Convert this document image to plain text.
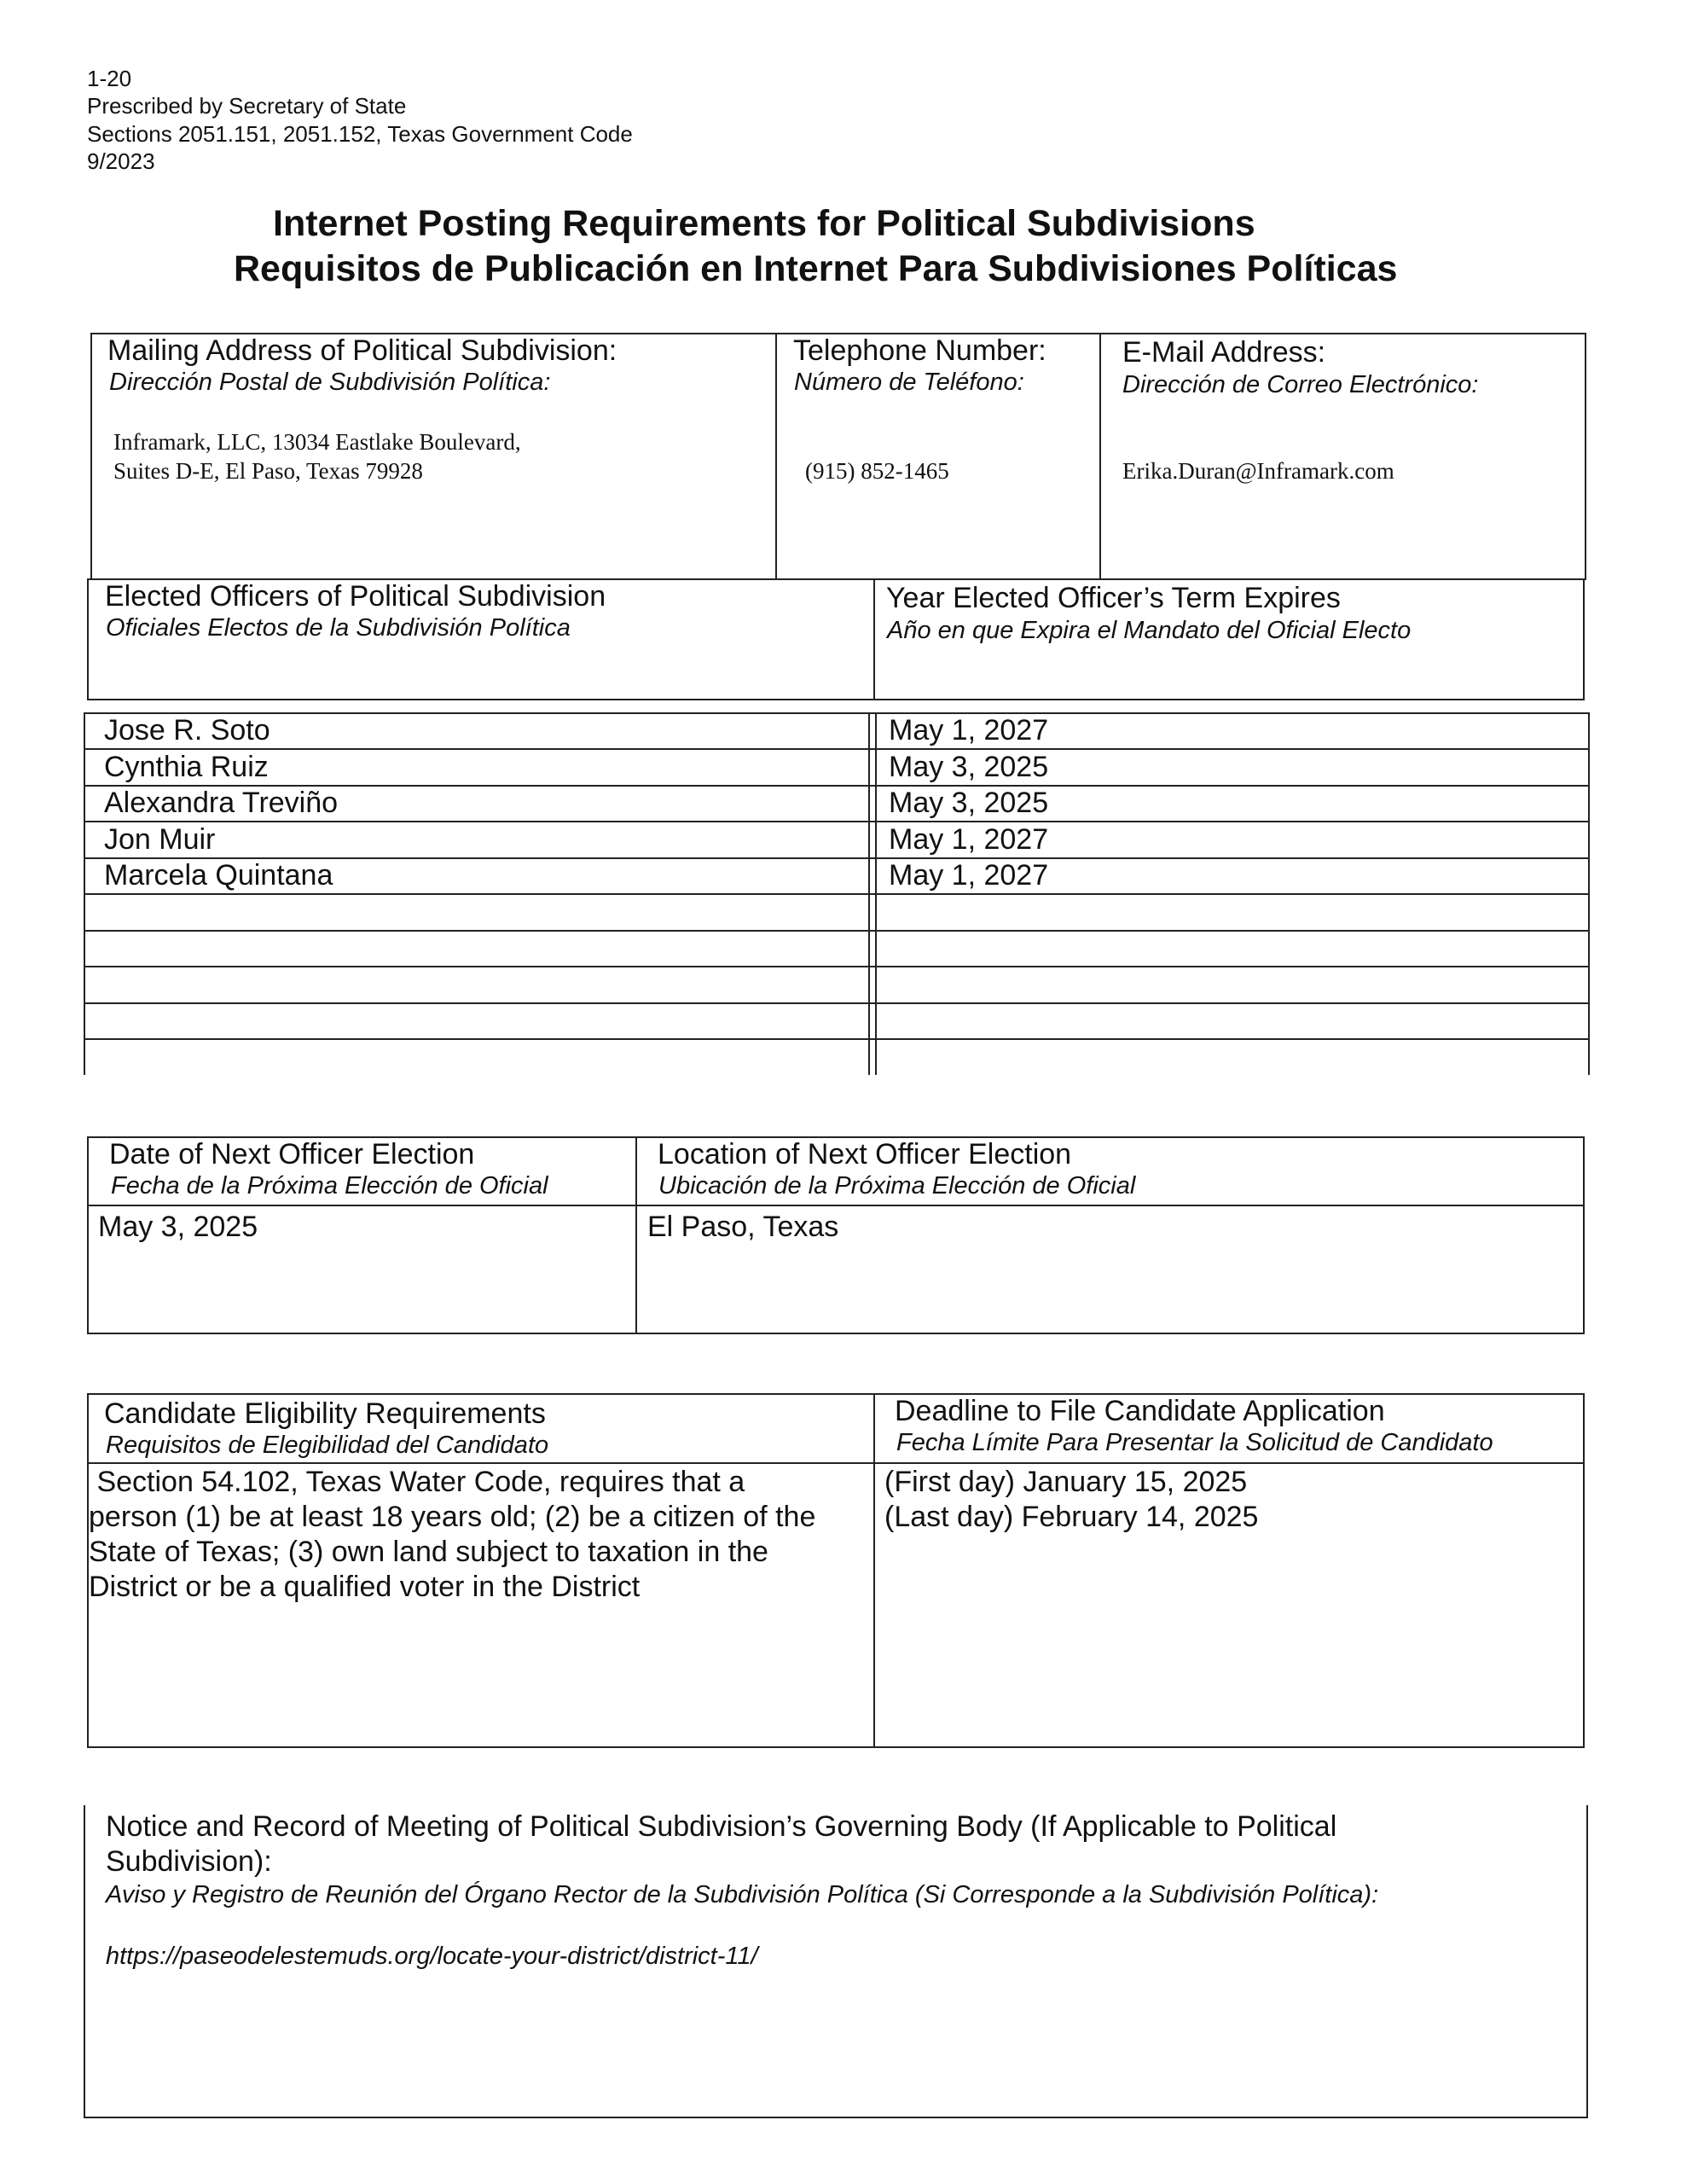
1-20
Prescribed by Secretary of State
Sections 2051.151, 2051.152, Texas Government Code
9/2023
Internet Posting Requirements for Political Subdivisions
Requisitos de Publicación en Internet Para Subdivisiones Políticas
Mailing Address of Political Subdivision:
Dirección Postal de Subdivisión Política:
Inframark, LLC, 13034 Eastlake Boulevard,
Suites D-E, El Paso, Texas 79928
Telephone Number:
Número de Teléfono:
(915) 852-1465
E-Mail Address:
Dirección de Correo Electrónico:
Erika.Duran@Inframark.com
Elected Officers of Political Subdivision
Oficiales Electos de la Subdivisión Política
Year Elected Officer’s Term Expires
Año en que Expira el Mandato del Oficial Electo
Jose R. Soto	May 1, 2027
Cynthia Ruiz	May 3, 2025
Alexandra Treviño	May 3, 2025
Jon Muir	May 1, 2027
Marcela Quintana	May 1, 2027
Date of Next Officer Election
Fecha de la Próxima Elección de Oficial
Location of Next Officer Election
Ubicación de la Próxima Elección de Oficial
May 3, 2025	El Paso, Texas
Candidate Eligibility Requirements
Requisitos de Elegibilidad del Candidato
Deadline to File Candidate Application
Fecha Límite Para Presentar la Solicitud de Candidato
Section 54.102, Texas Water Code, requires that a
person (1) be at least 18 years old; (2) be a citizen of the
State of Texas; (3) own land subject to taxation in the
District or be a qualified voter in the District
(First day) January 15, 2025
(Last day) February 14, 2025
Notice and Record of Meeting of Political Subdivision’s Governing Body (If Applicable to Political
Subdivision):
Aviso y Registro de Reunión del Órgano Rector de la Subdivisión Política (Si Corresponde a la Subdivisión Política):
https://paseodelestemuds.org/locate-your-district/district-11/
